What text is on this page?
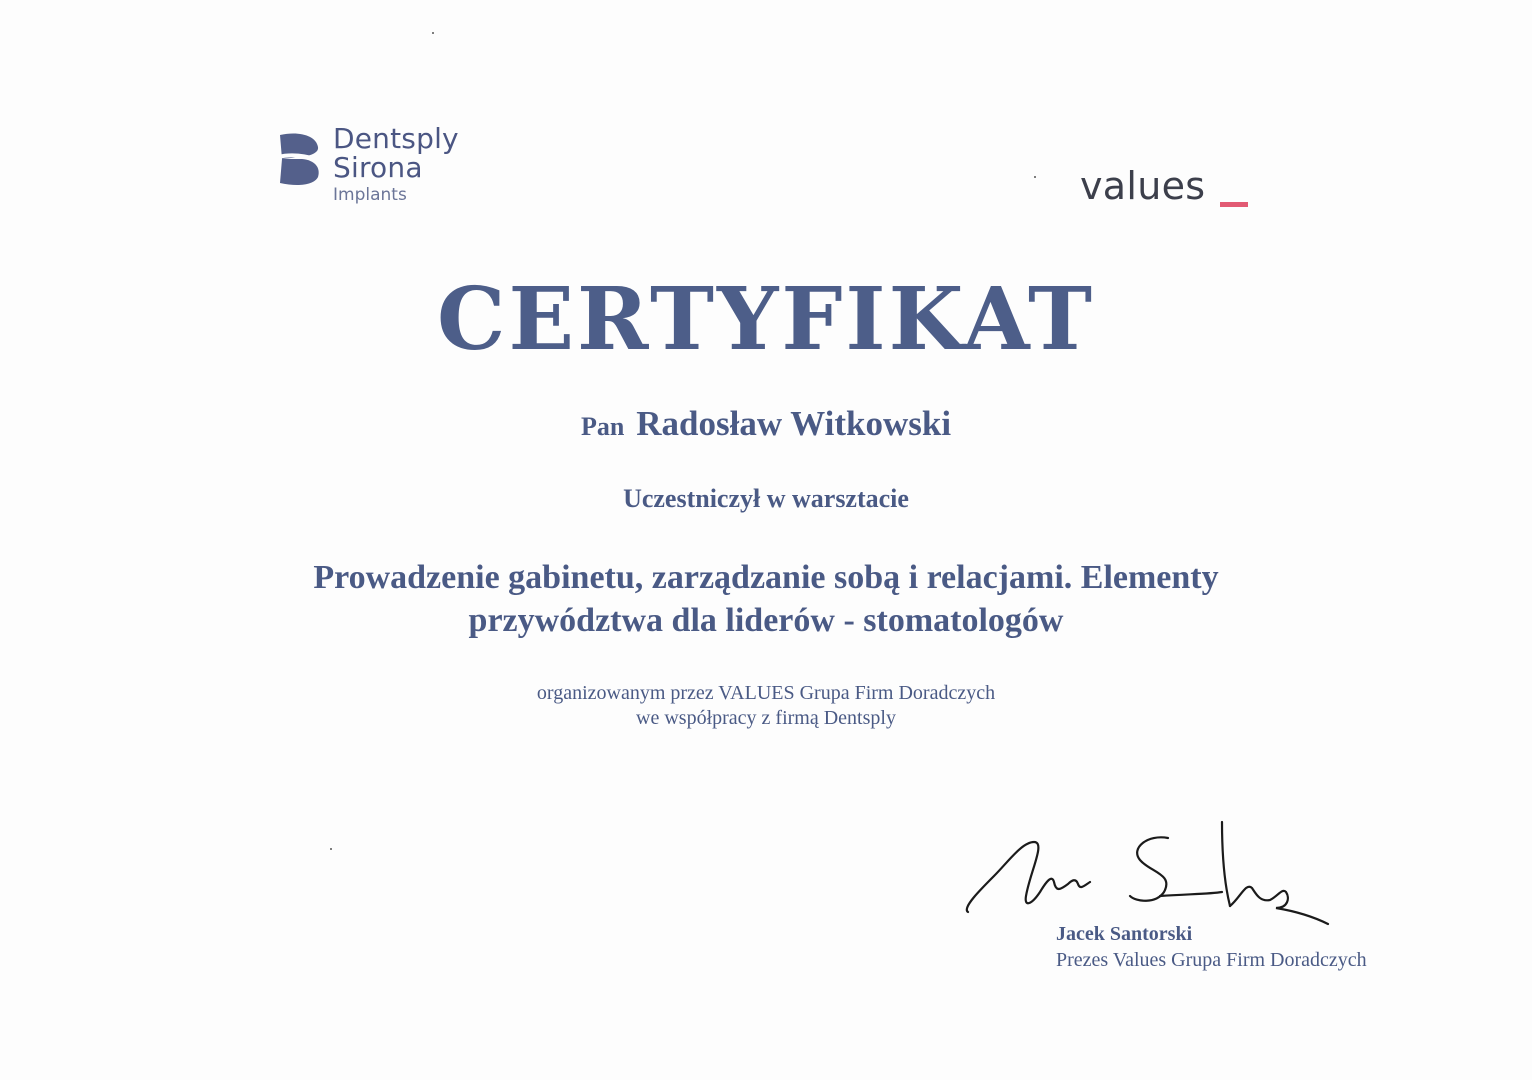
Dentsply
Sirona
Implants	values
CERTYFIKAT
Pan Radosław Witkowski
Uczestniczył w warsztacie
Prowadzenie gabinetu, zarządzanie sobą i relacjami. Elementy
przywództwa dla liderów - stomatologów
organizowanym przez VALUES Grupa Firm Doradczych
we współpracy z firmą Dentsply
Jacek Santorski
Prezes Values Grupa Firm Doradczych
